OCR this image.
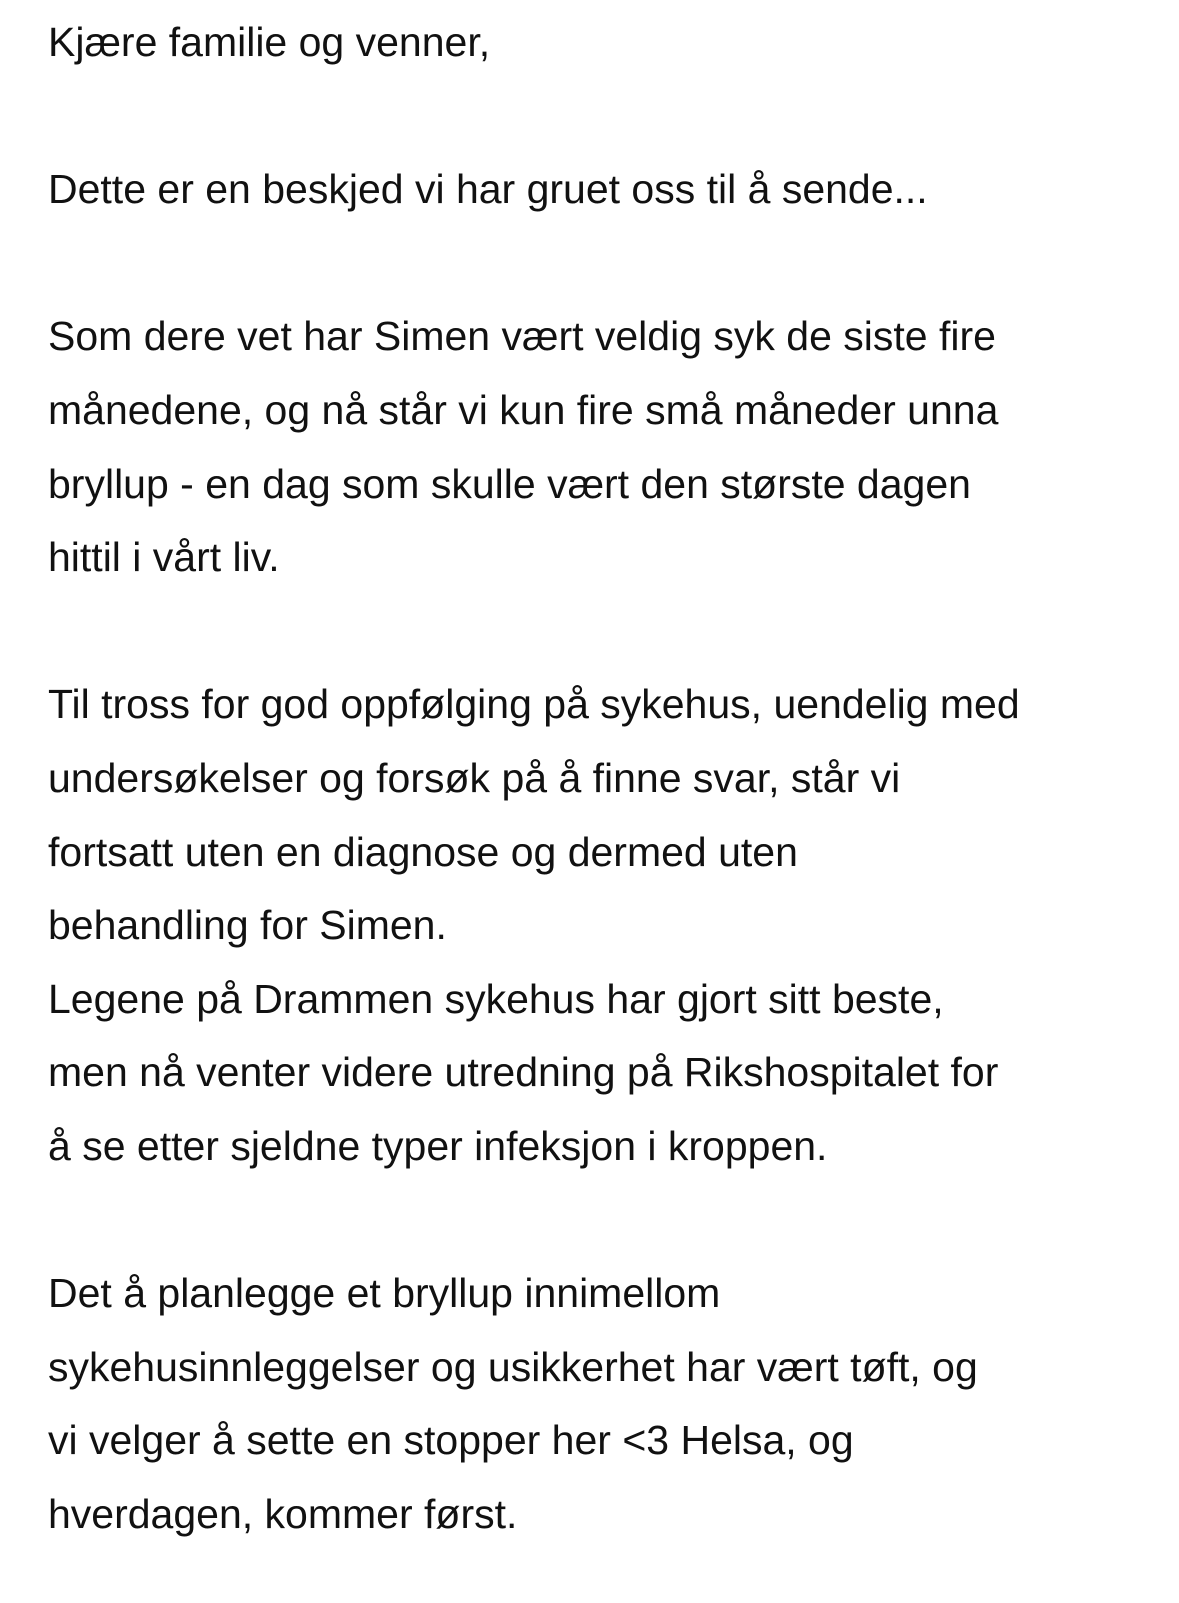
Kjære familie og venner,
Dette er en beskjed vi har gruet oss til å sende...
Som dere vet har Simen vært veldig syk de siste fire
månedene, og nå står vi kun fire små måneder unna
bryllup - en dag som skulle vært den største dagen
hittil i vårt liv.
Til tross for god oppfølging på sykehus, uendelig med
undersøkelser og forsøk på å finne svar, står vi
fortsatt uten en diagnose og dermed uten
behandling for Simen.
Legene på Drammen sykehus har gjort sitt beste,
men nå venter videre utredning på Rikshospitalet for
å se etter sjeldne typer infeksjon i kroppen.
Det å planlegge et bryllup innimellom
sykehusinnleggelser og usikkerhet har vært tøft, og
vi velger å sette en stopper her <3 Helsa, og
hverdagen, kommer først.
